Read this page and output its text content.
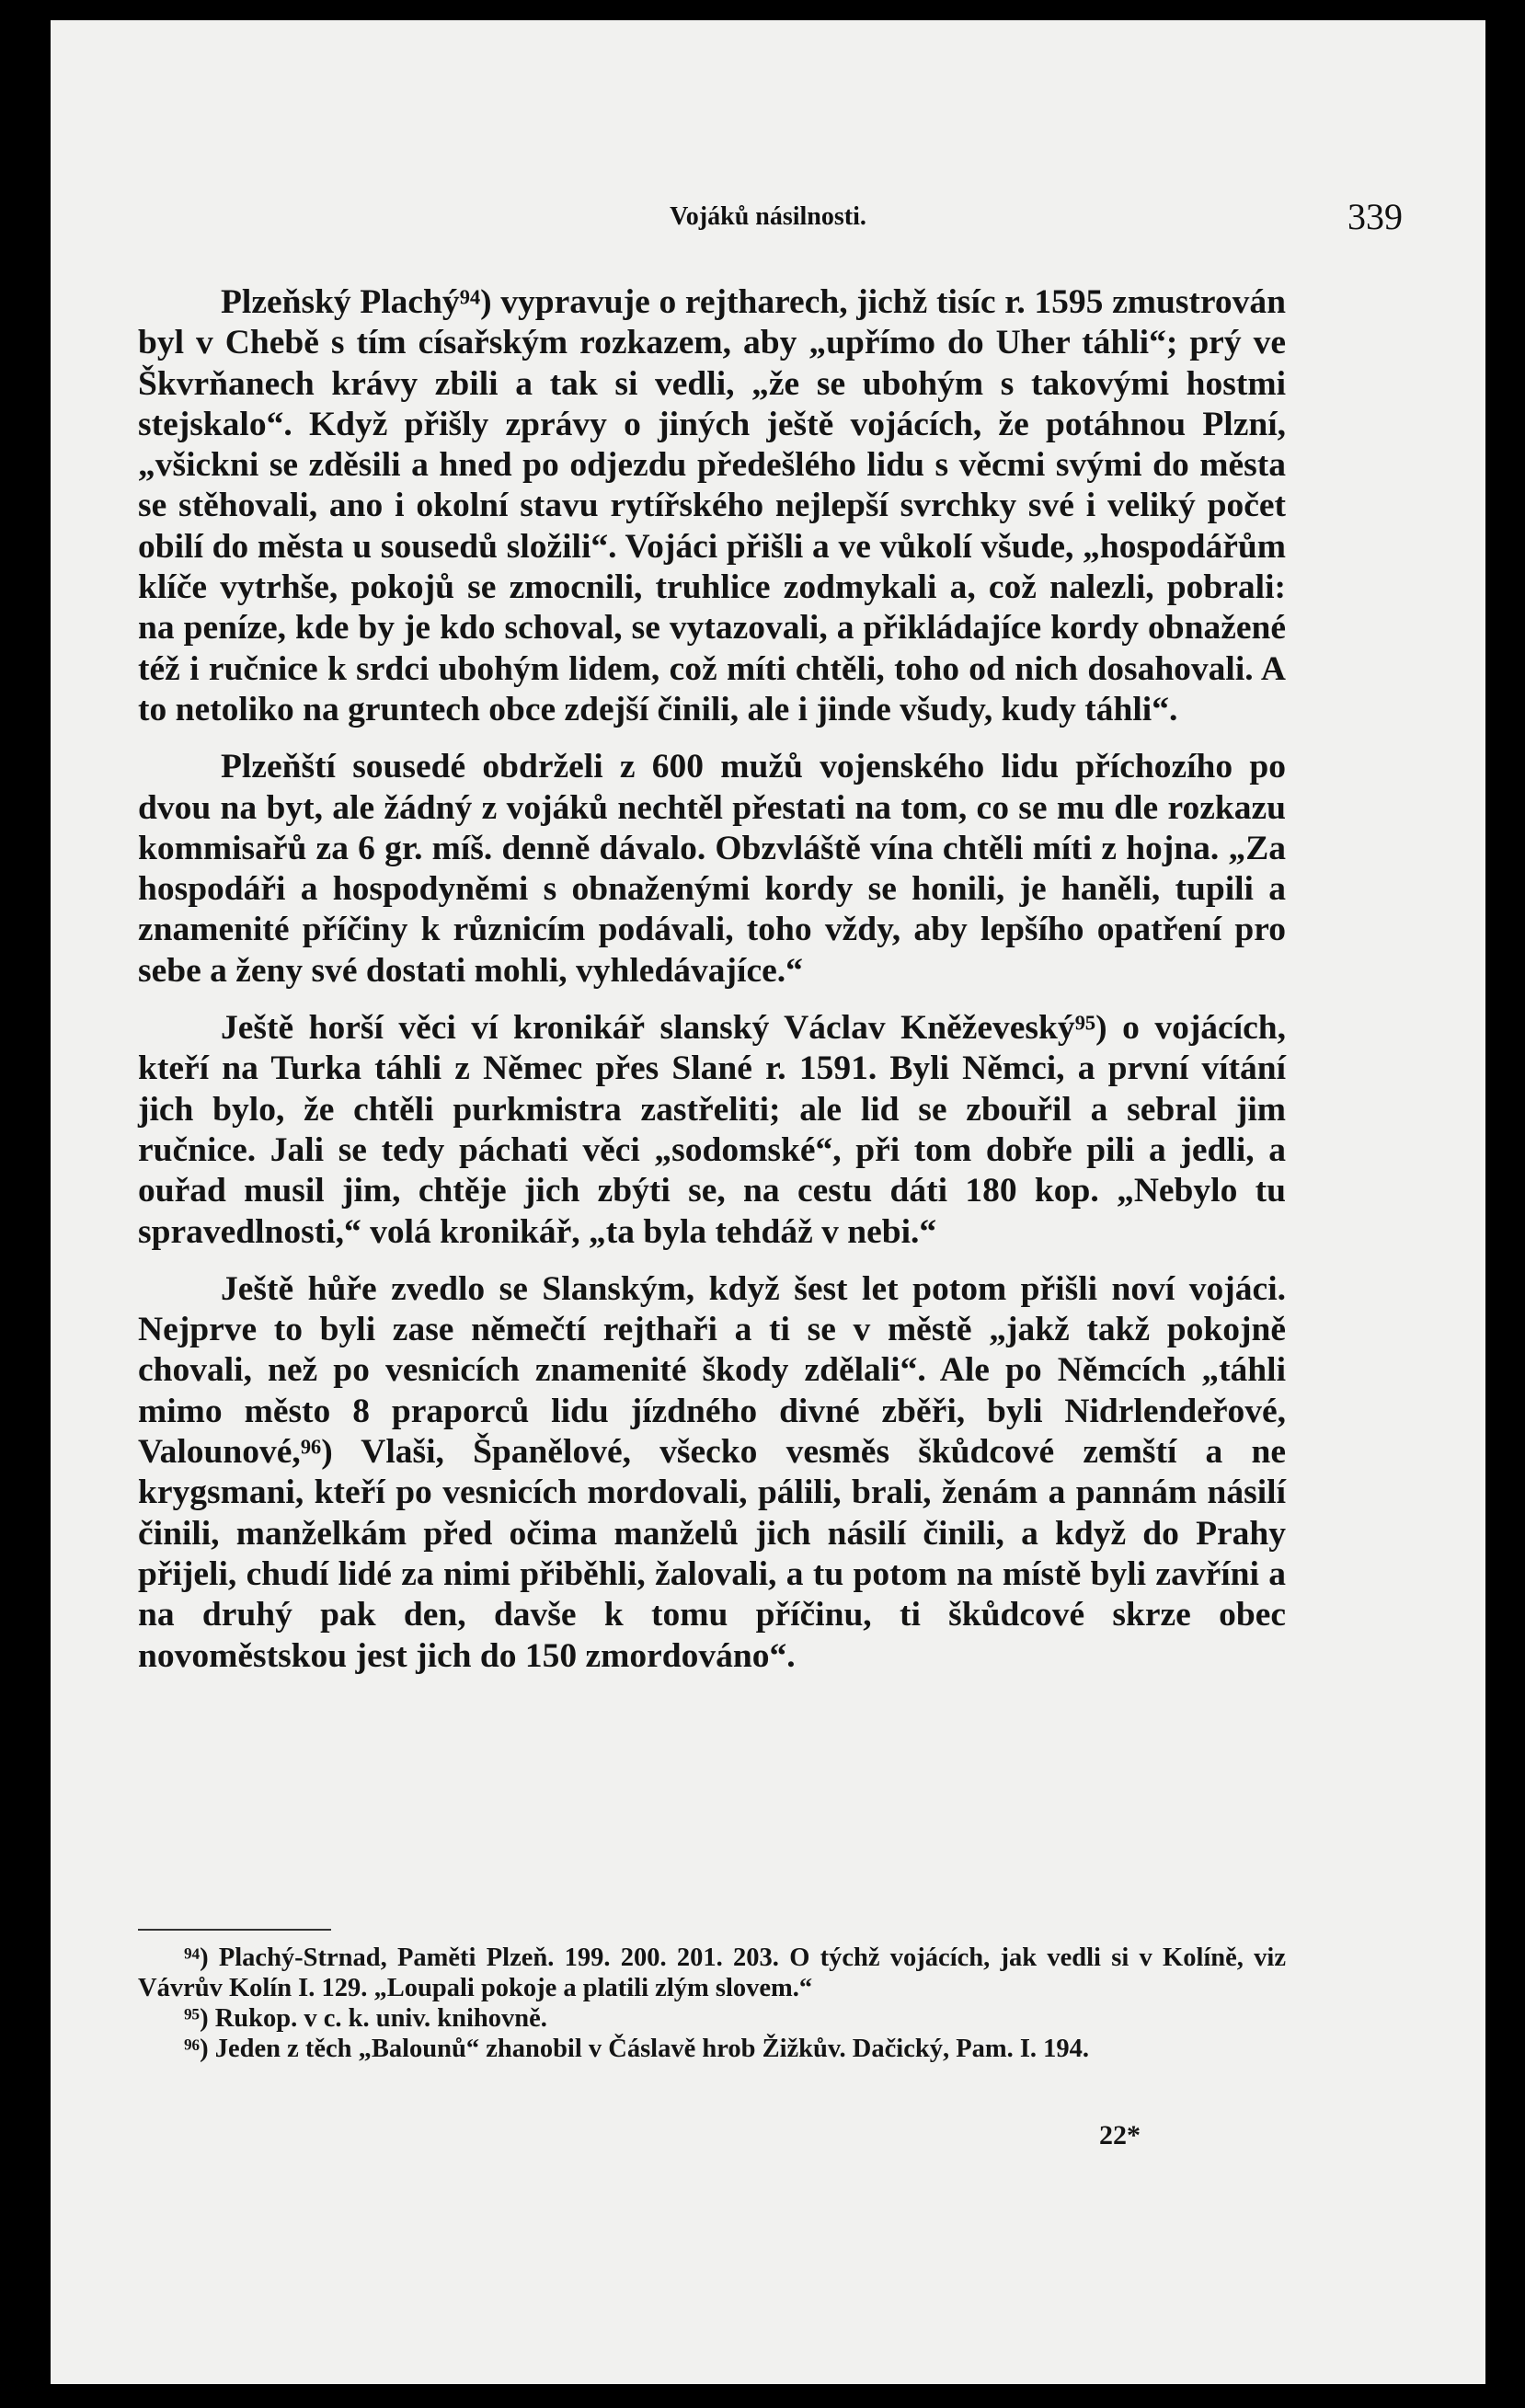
Vojáků násilnosti.	339

Plzeňský Plachý⁹⁴) vypravuje o rejtharech, jichž tisíc r. 1595 zmustrován byl v Chebě s tím císařským rozkazem, aby „upřímo do Uher táhli“; prý ve Škvrňanech krávy zbili a tak si vedli, „že se ubohým s takovými hostmi stejskalo“. Když přišly zprávy o jiných ještě vojácích, že potáhnou Plzní, „všickni se zděsili a hned po odjezdu předešlého lidu s věcmi svými do města se stěhovali, ano i okolní stavu rytířského nejlepší svrchky své i veliký počet obilí do města u sousedů složili“. Vojáci přišli a ve vůkolí všude, „hospodářům klíče vytrhše, pokojů se zmocnili, truhlice zodmykali a, což nalezli, pobrali: na peníze, kde by je kdo schoval, se vytazovali, a přikládajíce kordy obnažené též i ručnice k srdci ubohým lidem, což míti chtěli, toho od nich dosahovali. A to netoliko na gruntech obce zdejší činili, ale i jinde všudy, kudy táhli“.

Plzeňští sousedé obdrželi z 600 mužů vojenského lidu příchozího po dvou na byt, ale žádný z vojáků nechtěl přestati na tom, co se mu dle rozkazu kommisařů za 6 gr. míš. denně dávalo. Obzvláště vína chtěli míti z hojna. „Za hospodáři a hospodyněmi s obnaženými kordy se honili, je haněli, tupili a znamenité příčiny k různicím podávali, toho vždy, aby lepšího opatření pro sebe a ženy své dostati mohli, vyhledávajíce.“

Ještě horší věci ví kronikář slanský Václav Kněževeský⁹⁵) o vojácích, kteří na Turka táhli z Němec přes Slané r. 1591. Byli Němci, a první vítání jich bylo, že chtěli purkmistra zastřeliti; ale lid se zbouřil a sebral jim ručnice. Jali se tedy páchati věci „sodomské“, při tom dobře pili a jedli, a ouřad musil jim, chtěje jich zbýti se, na cestu dáti 180 kop. „Nebylo tu spravedlnosti,“ volá kronikář, „ta byla tehdáž v nebi.“

Ještě hůře zvedlo se Slanským, když šest let potom přišli noví vojáci. Nejprve to byli zase němečtí rejthaři a ti se v městě „jakž takž pokojně chovali, než po vesnicích znamenité škody zdělali“. Ale po Němcích „táhli mimo město 8 praporců lidu jízdného divné zběři, byli Nidrlendeřové, Valounové,⁹⁶) Vlaši, Španělové, všecko vesměs škůdcové zemští a ne krygsmani, kteří po vesnicích mordovali, pálili, brali, ženám a pannám násilí činili, manželkám před očima manželů jich násilí činili, a když do Prahy přijeli, chudí lidé za nimi přiběhli, žalovali, a tu potom na místě byli zavříni a na druhý pak den, davše k tomu příčinu, ti škůdcové skrze obec novoměstskou jest jich do 150 zmordováno“.

⁹⁴) Plachý-Strnad, Paměti Plzeň. 199. 200. 201. 203. O týchž vojácích, jak vedli si v Kolíně, viz Vávrův Kolín I. 129. „Loupali pokoje a platili zlým slovem.“

⁹⁵) Rukop. v c. k. univ. knihovně.

⁹⁶) Jeden z těch „Balounů“ zhanobil v Čáslavě hrob Žižkův. Dačický, Pam. I. 194.

22*
